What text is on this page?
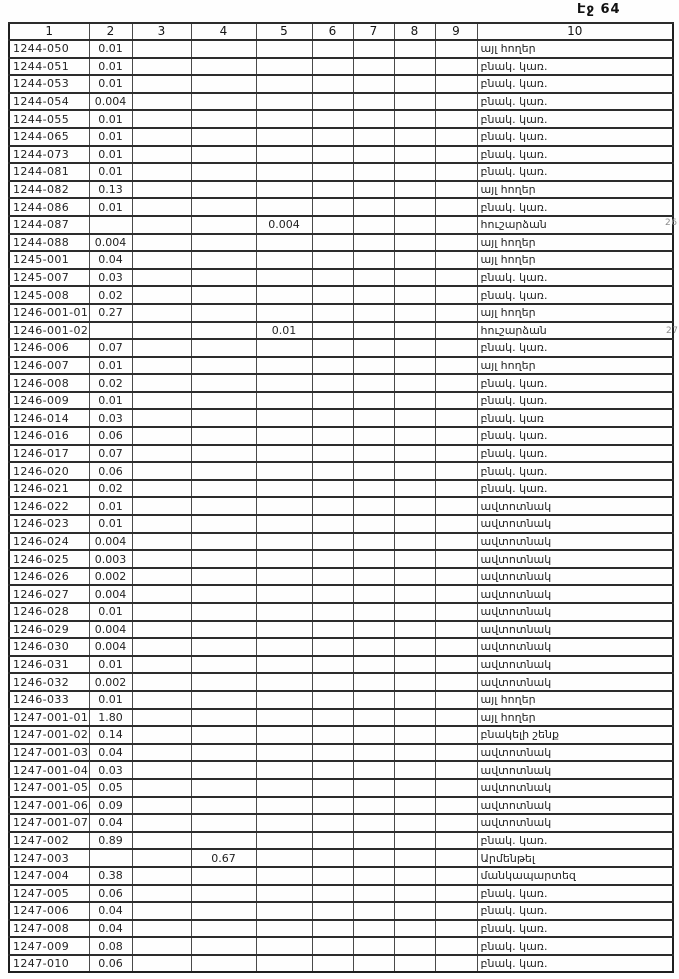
Էջ 64
1	2	3	4	5	6	7	8	9	10
1244-050	0.01								այլ հողեր
1244-051	0.01								բնակ. կառ.
1244-053	0.01								բնակ. կառ.
1244-054	0.004								բնակ. կառ.
1244-055	0.01								բնակ. կառ.
1244-065	0.01								բնակ. կառ.
1244-073	0.01								բնակ. կառ.
1244-081	0.01								բնակ. կառ.
1244-082	0.13								այլ հողեր
1244-086	0.01								բնակ. կառ.
1244-087				0.004					հուշարձան
1244-088	0.004								այլ հողեր
1245-001	0.04								այլ հողեր
1245-007	0.03								բնակ. կառ.
1245-008	0.02								բնակ. կառ.
1246-001-01	0.27								այլ հողեր
1246-001-02				0.01					հուշարձան
1246-006	0.07								բնակ. կառ.
1246-007	0.01								այլ հողեր
1246-008	0.02								բնակ. կառ.
1246-009	0.01								բնակ. կառ.
1246-014	0.03								բնակ. կառ
1246-016	0.06								բնակ. կառ.
1246-017	0.07								բնակ. կառ.
1246-020	0.06								բնակ. կառ.
1246-021	0.02								բնակ. կառ.
1246-022	0.01								ավտոտնակ
1246-023	0.01								ավտոտնակ
1246-024	0.004								ավտոտնակ
1246-025	0.003								ավտոտնակ
1246-026	0.002								ավտոտնակ
1246-027	0.004								ավտոտնակ
1246-028	0.01								ավտոտնակ
1246-029	0.004								ավտոտնակ
1246-030	0.004								ավտոտնակ
1246-031	0.01								ավտոտնակ
1246-032	0.002								ավտոտնակ
1246-033	0.01								այլ հողեր
1247-001-01	1.80								այլ հողեր
1247-001-02	0.14								բնակելի շենք
1247-001-03	0.04								ավտոտնակ
1247-001-04	0.03								ավտոտնակ
1247-001-05	0.05								ավտոտնակ
1247-001-06	0.09								ավտոտնակ
1247-001-07	0.04								ավտոտնակ
1247-002	0.89								բնակ. կառ.
1247-003			0.67						Արմենթել
1247-004	0.38								մանկապարտեզ
1247-005	0.06								բնակ. կառ.
1247-006	0.04								բնակ. կառ.
1247-008	0.04								բնակ. կառ.
1247-009	0.08								բնակ. կառ.
1247-010	0.06								բնակ. կառ.
26
27
